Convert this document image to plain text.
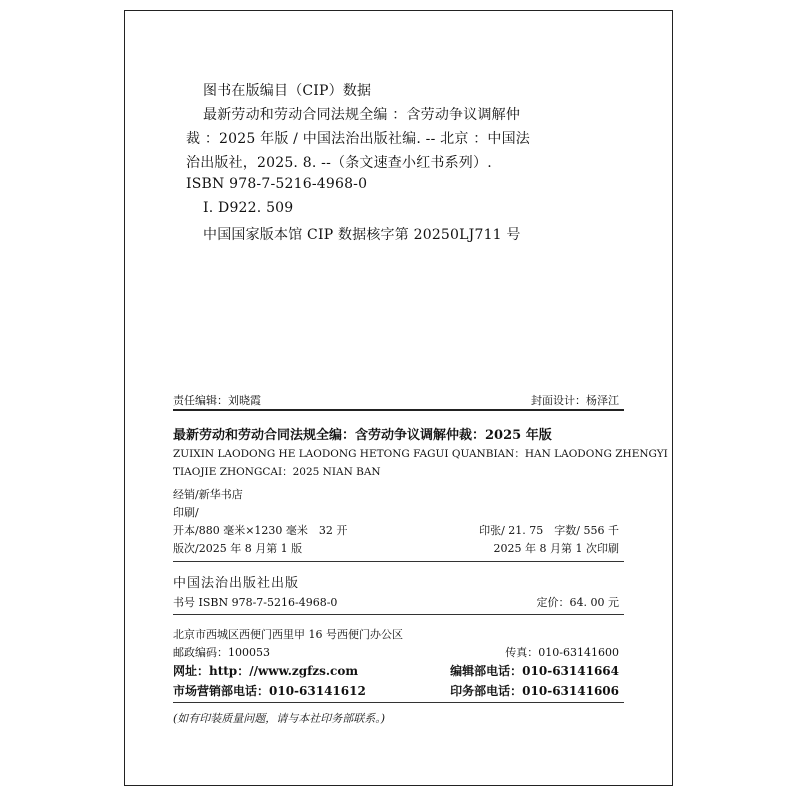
图书在版编目（CIP）数据
最新劳动和劳动合同法规全编 ：含劳动争议调解仲
裁 ：2025 年版 / 中国法治出版社编. -- 北京 ：中国法
治出版社，2025. 8. --（条文速查小红书系列）.
ISBN 978-7-5216-4968-0
Ⅰ. D922. 509
中国国家版本馆 CIP 数据核字第 20250LJ711 号
责任编辑：刘晓霞	封面设计：杨泽江
最新劳动和劳动合同法规全编：含劳动争议调解仲裁：2025 年版
ZUIXIN LAODONG HE LAODONG HETONG FAGUI QUANBIAN：HAN LAODONG ZHENGYI
TIAOJIE ZHONGCAI：2025 NIAN BAN
经销/新华书店
印刷/
开本/880 毫米×1230 毫米　32 开	印张/ 21. 75　字数/ 556 千
版次/2025 年 8 月第 1 版	2025 年 8 月第 1 次印刷
中国法治出版社出版
书号 ISBN 978-7-5216-4968-0	定价：64. 00 元
北京市西城区西便门西里甲 16 号西便门办公区
邮政编码：100053	传真：010-63141600
网址：http：//www.zgfzs.com	编辑部电话：010-63141664
市场营销部电话：010-63141612	印务部电话：010-63141606
(如有印装质量问题，请与本社印务部联系。)
